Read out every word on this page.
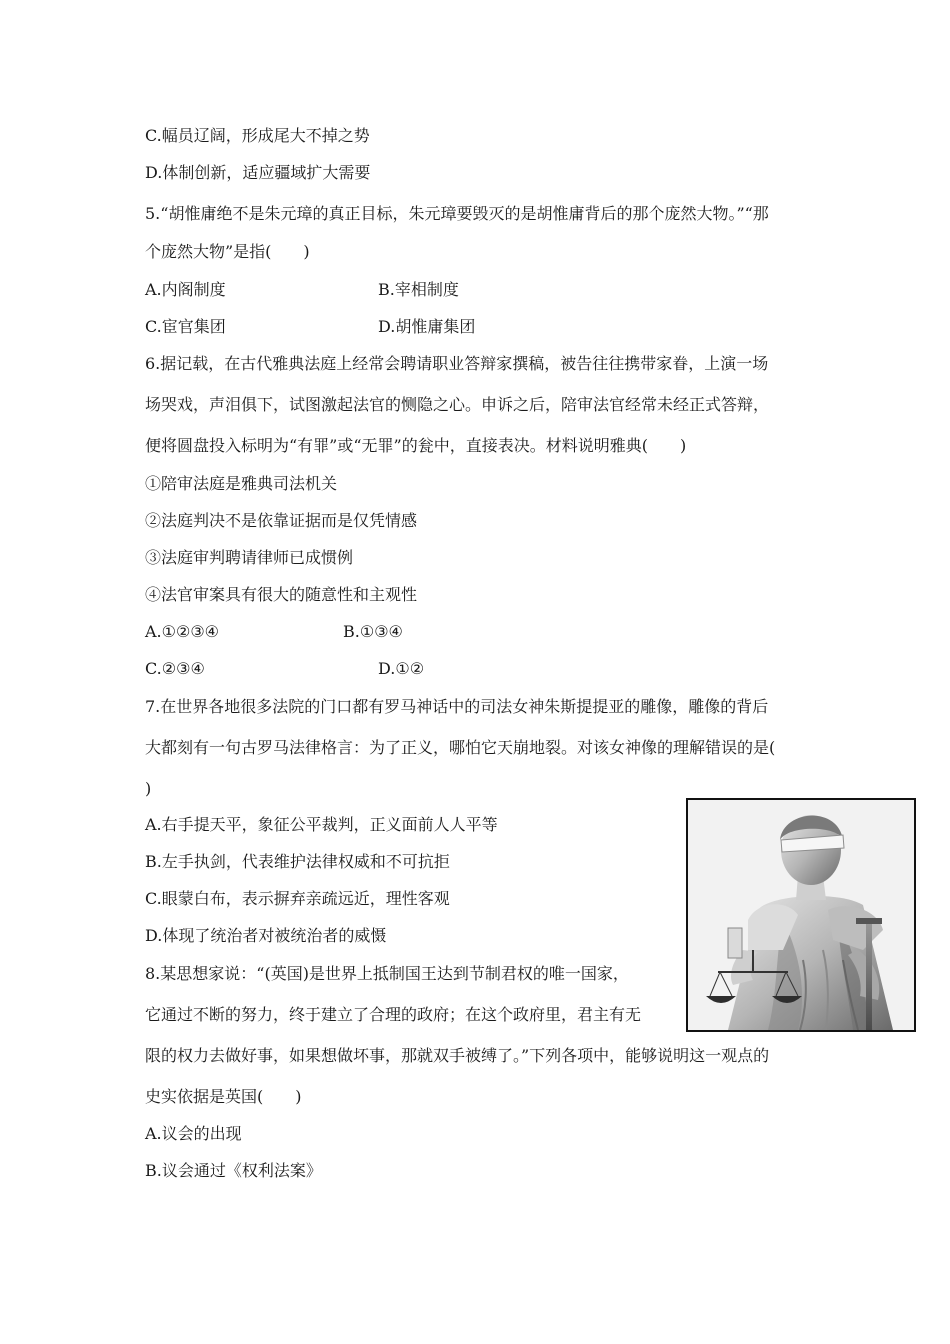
C.幅员辽阔，形成尾大不掉之势
D.体制创新，适应疆域扩大需要
5.“胡惟庸绝不是朱元璋的真正目标，朱元璋要毁灭的是胡惟庸背后的那个庞然大物。”“那
个庞然大物”是指(　　)
A.内阁制度	B.宰相制度
C.宦官集团	D.胡惟庸集团
6.据记载，在古代雅典法庭上经常会聘请职业答辩家撰稿，被告往往携带家眷，上演一场
场哭戏，声泪俱下，试图激起法官的恻隐之心。申诉之后，陪审法官经常未经正式答辩，
便将圆盘投入标明为“有罪”或“无罪”的瓮中，直接表决。材料说明雅典(　　)
①陪审法庭是雅典司法机关
②法庭判决不是依靠证据而是仅凭情感
③法庭审判聘请律师已成惯例
④法官审案具有很大的随意性和主观性
A.①②③④	B.①③④
C.②③④	D.①②
7.在世界各地很多法院的门口都有罗马神话中的司法女神朱斯提提亚的雕像，雕像的背后
大都刻有一句古罗马法律格言：为了正义，哪怕它天崩地裂。对该女神像的理解错误的是(
)
A.右手提天平，象征公平裁判，正义面前人人平等
B.左手执剑，代表维护法律权威和不可抗拒
C.眼蒙白布，表示摒弃亲疏远近，理性客观
D.体现了统治者对被统治者的威慑
8.某思想家说：“(英国)是世界上抵制国王达到节制君权的唯一国家，
它通过不断的努力，终于建立了合理的政府；在这个政府里，君主有无
限的权力去做好事，如果想做坏事，那就双手被缚了。”下列各项中，能够说明这一观点的
史实依据是英国(　　)
A.议会的出现
B.议会通过《权利法案》
